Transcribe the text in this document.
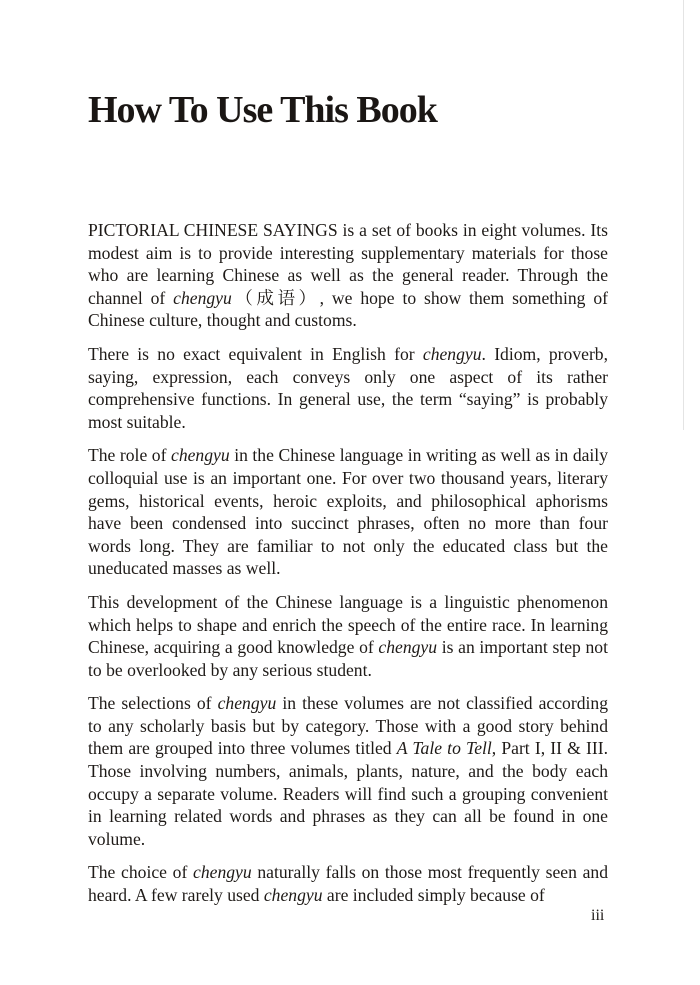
How To Use This Book

PICTORIAL CHINESE SAYINGS is a set of books in eight volumes. Its modest aim is to provide interesting supplementary materials for those who are learning Chinese as well as the general reader. Through the channel of chengyu（成语）, we hope to show them something of Chinese culture, thought and customs.

There is no exact equivalent in English for chengyu. Idiom, proverb, saying, expression, each conveys only one aspect of its rather comprehensive functions. In general use, the term “saying” is probably most suitable.

The role of chengyu in the Chinese language in writing as well as in daily colloquial use is an important one. For over two thousand years, literary gems, historical events, heroic exploits, and philosophical aphorisms have been condensed into succinct phrases, often no more than four words long. They are familiar to not only the educated class but the uneducated masses as well.

This development of the Chinese language is a linguistic phenomenon which helps to shape and enrich the speech of the entire race. In learning Chinese, acquiring a good knowledge of chengyu is an important step not to be overlooked by any serious student.

The selections of chengyu in these volumes are not classified according to any scholarly basis but by category. Those with a good story behind them are grouped into three volumes titled A Tale to Tell, Part I, II & III. Those involving numbers, animals, plants, nature, and the body each occupy a separate volume. Readers will find such a grouping convenient in learning related words and phrases as they can all be found in one volume.

The choice of chengyu naturally falls on those most frequently seen and heard. A few rarely used chengyu are included simply because of

iii
